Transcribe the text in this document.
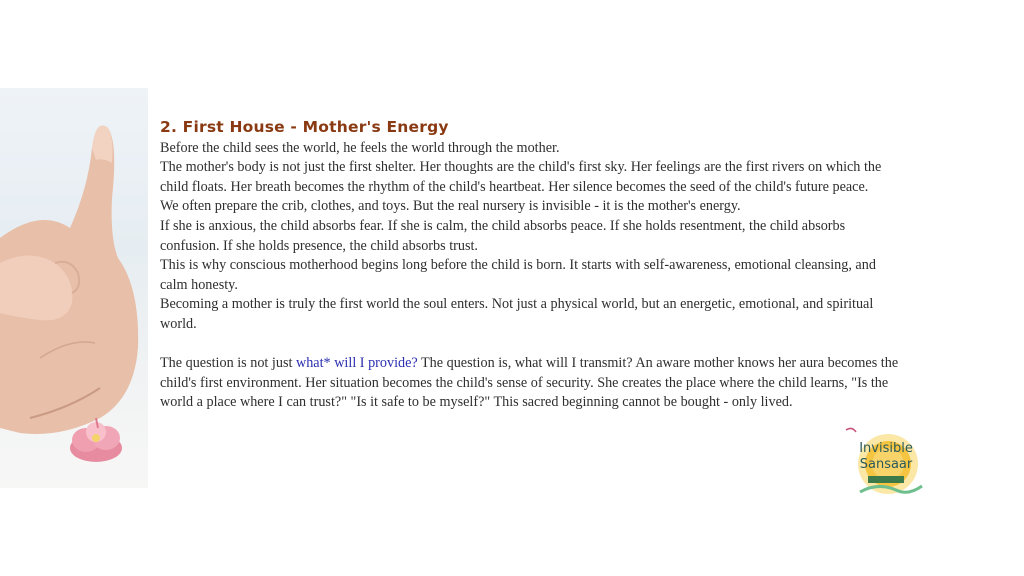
2. First House - Mother's Energy

Before the child sees the world, he feels the world through the mother.

The mother's body is not just the first shelter. Her thoughts are the child's first sky. Her feelings are the first rivers on which the child floats. Her breath becomes the rhythm of the child's heartbeat. Her silence becomes the seed of the child's future peace.

We often prepare the crib, clothes, and toys. But the real nursery is invisible - it is the mother's energy.

If she is anxious, the child absorbs fear. If she is calm, the child absorbs peace. If she holds resentment, the child absorbs confusion. If she holds presence, the child absorbs trust.

This is why conscious motherhood begins long before the child is born. It starts with self-awareness, emotional cleansing, and calm honesty.

Becoming a mother is truly the first world the soul enters. Not just a physical world, but an energetic, emotional, and spiritual world.

The question is not just what* will I provide? The question is, what will I transmit? An aware mother knows her aura becomes the child's first environment. Her situation becomes the child's sense of security. She creates the place where the child learns, "Is the world a place where I can trust?" "Is it safe to be myself?" This sacred beginning cannot be bought - only lived.

Invisible
Sansaar
